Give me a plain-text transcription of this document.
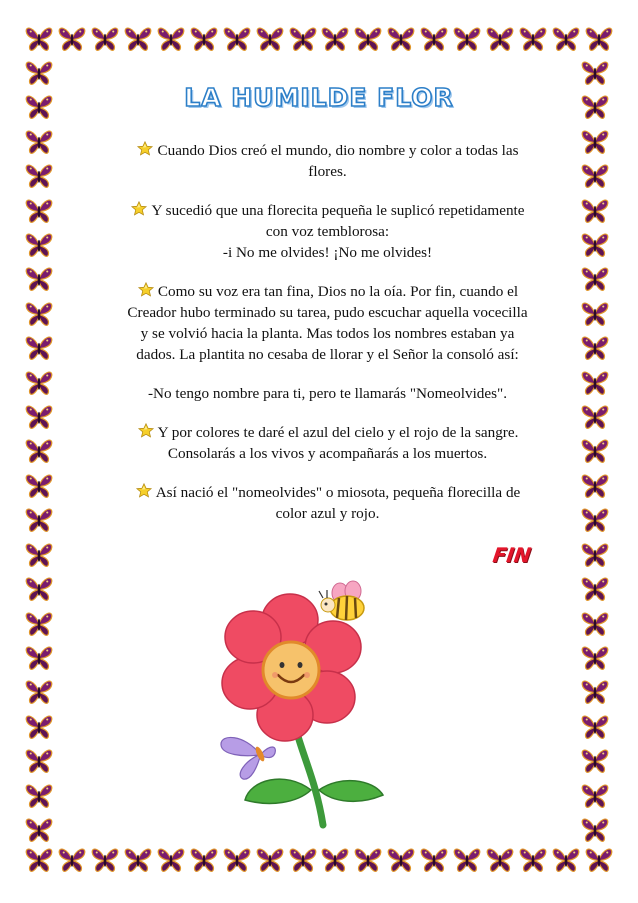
LA HUMILDE FLOR
Cuando Dios creó el mundo, dio nombre y color a todas las
flores.
Y sucedió que una florecita pequeña le suplicó repetidamente
con voz temblorosa:
-i No me olvides! ¡No me olvides!
Como su voz era tan fina, Dios no la oía. Por fin, cuando el
Creador hubo terminado su tarea, pudo escuchar aquella vocecilla
y se volvió hacia la planta. Mas todos los nombres estaban ya
dados. La plantita no cesaba de llorar y el Señor la consoló así:
-No tengo nombre para ti, pero te llamarás "Nomeolvides".
Y por colores te daré el azul del cielo y el rojo de la sangre.
Consolarás a los vivos y acompañarás a los muertos.
Así nació el "nomeolvides" o miosota, pequeña florecilla de
color azul y rojo.
FIN
